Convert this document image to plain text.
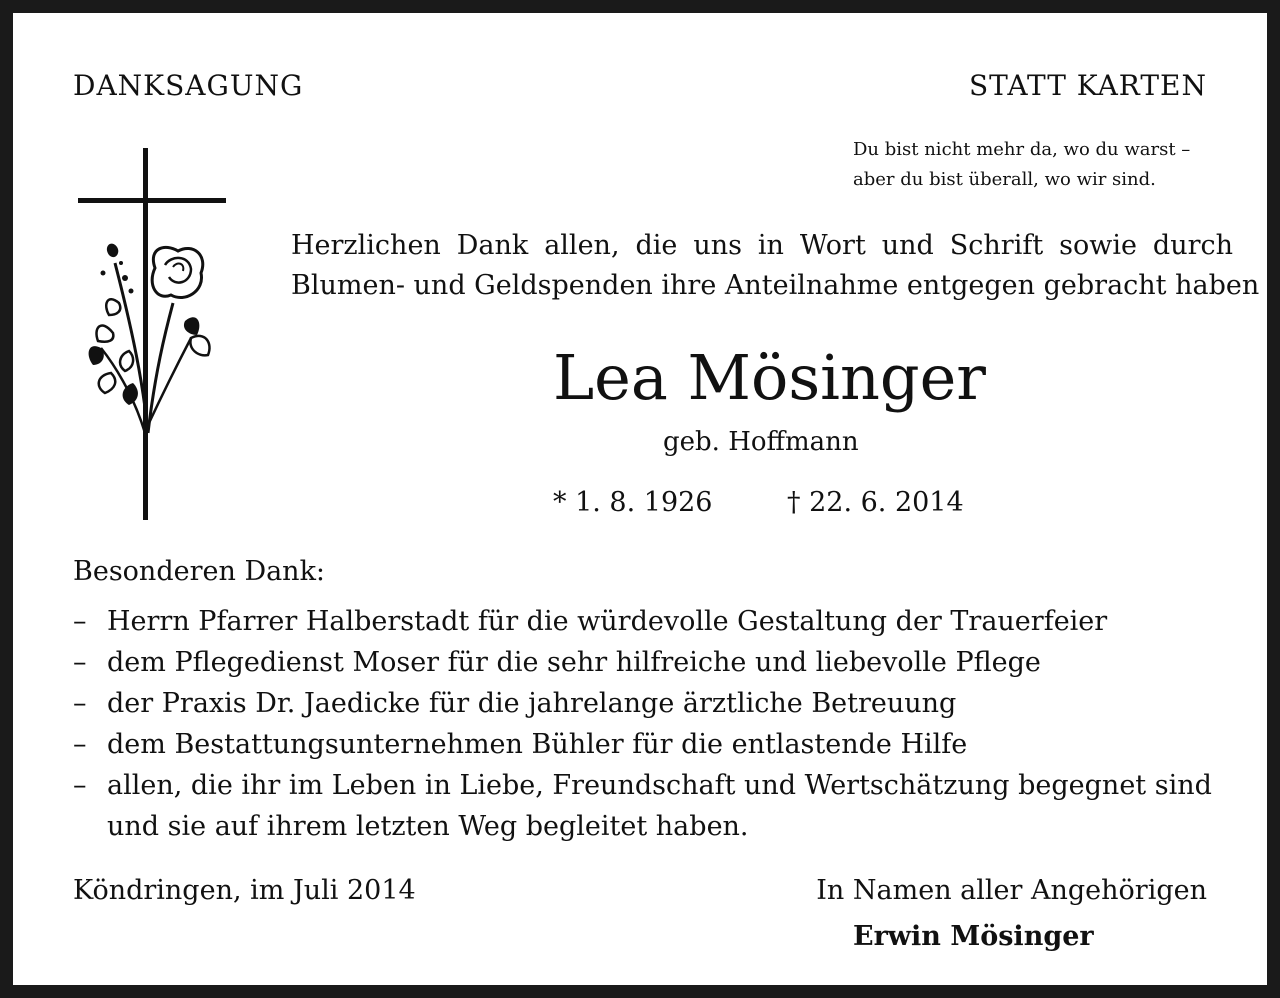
DANKSAGUNG	STATT KARTEN
Du bist nicht mehr da, wo du warst –
aber du bist überall, wo wir sind.
Herzlichen Dank allen, die uns in Wort und Schrift sowie durch
Blumen- und Geldspenden ihre Anteilnahme entgegen gebracht haben
Lea Mösinger
geb. Hoffmann
* 1. 8. 1926	† 22. 6. 2014
Besonderen Dank:
– Herrn Pfarrer Halberstadt für die würdevolle Gestaltung der Trauerfeier
– dem Pflegedienst Moser für die sehr hilfreiche und liebevolle Pflege
– der Praxis Dr. Jaedicke für die jahrelange ärztliche Betreuung
– dem Bestattungsunternehmen Bühler für die entlastende Hilfe
– allen, die ihr im Leben in Liebe, Freundschaft und Wertschätzung begegnet sind
und sie auf ihrem letzten Weg begleitet haben.
Köndringen, im Juli 2014	In Namen aller Angehörigen
Erwin Mösinger
